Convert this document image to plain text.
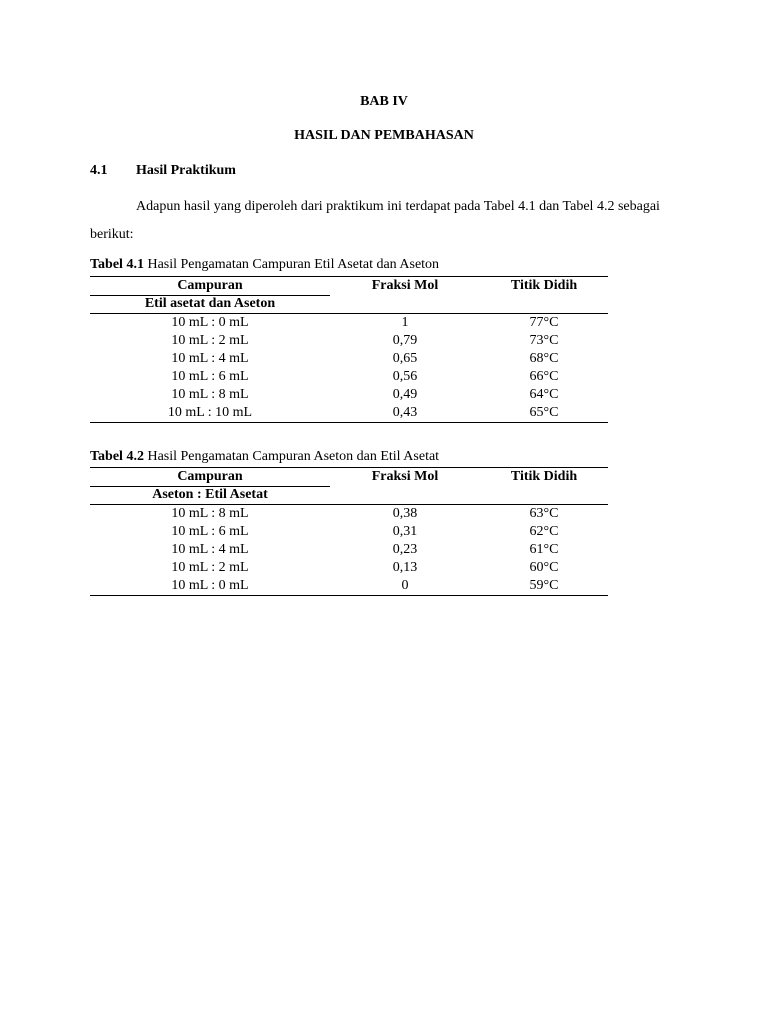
BAB IV
HASIL DAN PEMBAHASAN
4.1 Hasil Praktikum
Adapun hasil yang diperoleh dari praktikum ini terdapat pada Tabel 4.1 dan Tabel 4.2 sebagai berikut:
Tabel 4.1 Hasil Pengamatan Campuran Etil Asetat dan Aseton
Campuran
Etil asetat dan Aseton
Fraksi Mol	Titik Didih
10 mL : 0 mL	1	77°C
10 mL : 2 mL	0,79	73°C
10 mL : 4 mL	0,65	68°C
10 mL : 6 mL	0,56	66°C
10 mL : 8 mL	0,49	64°C
10 mL : 10 mL	0,43	65°C
Tabel 4.2 Hasil Pengamatan Campuran Aseton dan Etil Asetat
Campuran
Aseton : Etil Asetat
Fraksi Mol	Titik Didih
10 mL : 8 mL	0,38	63°C
10 mL : 6 mL	0,31	62°C
10 mL : 4 mL	0,23	61°C
10 mL : 2 mL	0,13	60°C
10 mL : 0 mL	0	59°C
